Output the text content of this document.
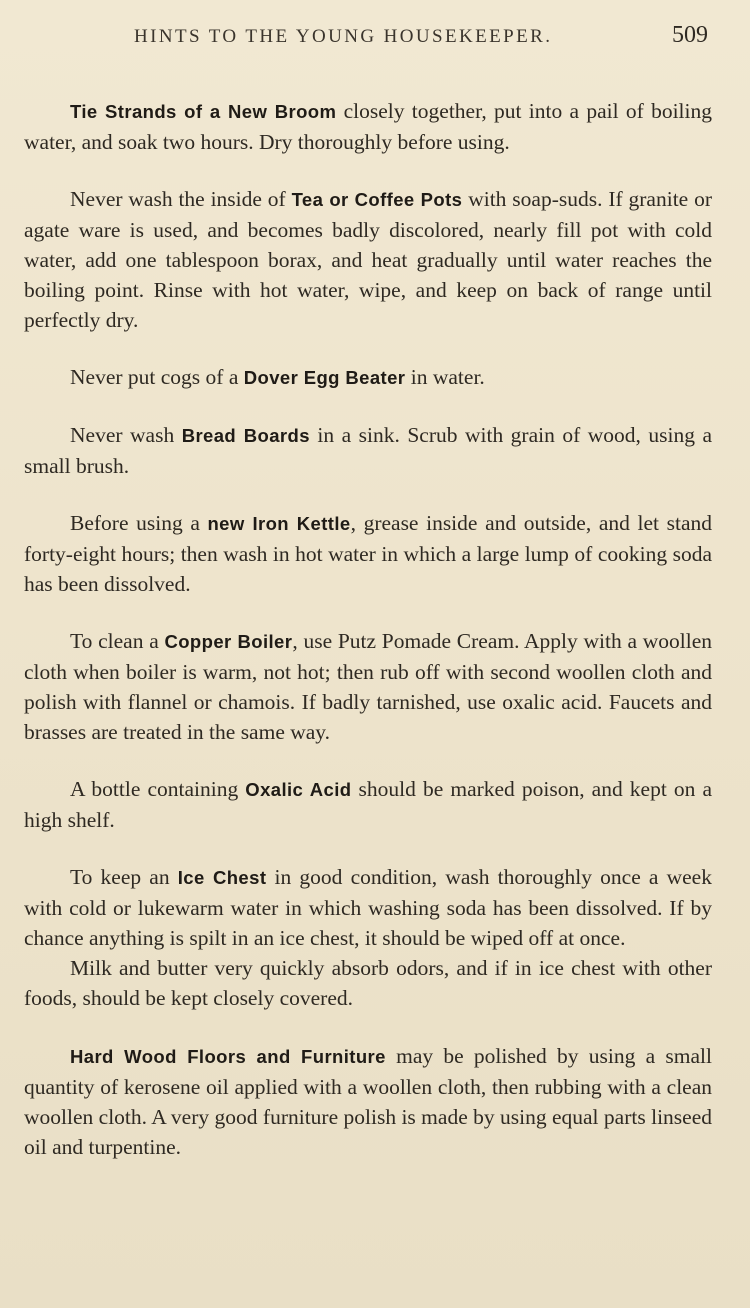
HINTS TO THE YOUNG HOUSEKEEPER.	509

Tie Strands of a New Broom closely together, put into a pail of boiling water, and soak two hours. Dry thoroughly before using.

Never wash the inside of Tea or Coffee Pots with soap-suds. If granite or agate ware is used, and becomes badly discolored, nearly fill pot with cold water, add one tablespoon borax, and heat gradually until water reaches the boiling point. Rinse with hot water, wipe, and keep on back of range until perfectly dry.

Never put cogs of a Dover Egg Beater in water.

Never wash Bread Boards in a sink. Scrub with grain of wood, using a small brush.

Before using a new Iron Kettle, grease inside and outside, and let stand forty-eight hours; then wash in hot water in which a large lump of cooking soda has been dissolved.

To clean a Copper Boiler, use Putz Pomade Cream. Apply with a woollen cloth when boiler is warm, not hot; then rub off with second woollen cloth and polish with flannel or chamois. If badly tarnished, use oxalic acid. Faucets and brasses are treated in the same way.

A bottle containing Oxalic Acid should be marked poison, and kept on a high shelf.

To keep an Ice Chest in good condition, wash thoroughly once a week with cold or lukewarm water in which washing soda has been dissolved. If by chance anything is spilt in an ice chest, it should be wiped off at once.

Milk and butter very quickly absorb odors, and if in ice chest with other foods, should be kept closely covered.

Hard Wood Floors and Furniture may be polished by using a small quantity of kerosene oil applied with a woollen cloth, then rubbing with a clean woollen cloth. A very good furniture polish is made by using equal parts linseed oil and turpentine.
